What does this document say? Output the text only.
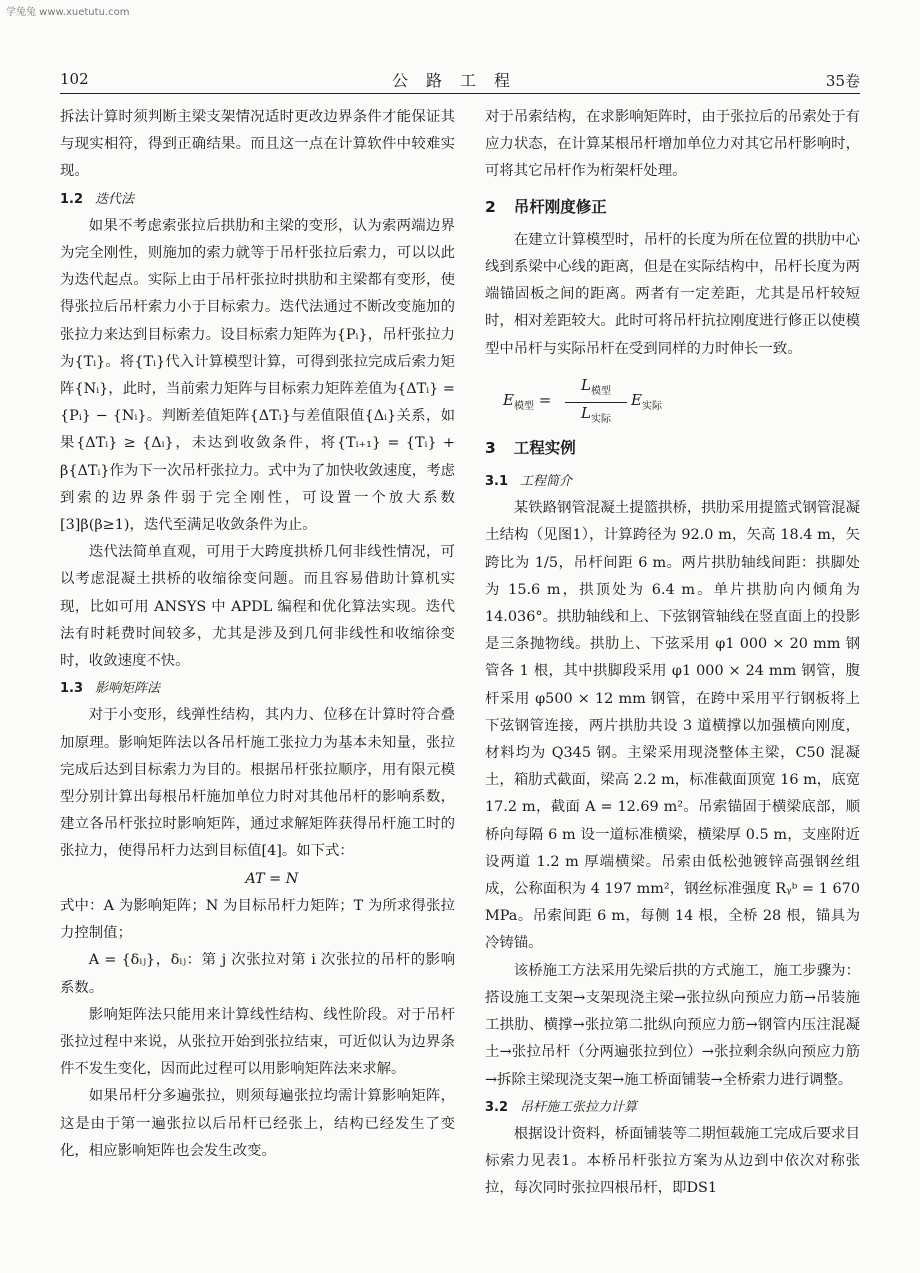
学兔兔 www.xuetutu.com
102	公路工程	35卷

拆法计算时须判断主梁支架情况适时更改边界条件才能保证其与现实相符，得到正确结果。而且这一点在计算软件中较难实现。

1.2 迭代法

如果不考虑索张拉后拱肋和主梁的变形，认为索两端边界为完全刚性，则施加的索力就等于吊杆张拉后索力，可以以此为迭代起点。实际上由于吊杆张拉时拱肋和主梁都有变形，使得张拉后吊杆索力小于目标索力。迭代法通过不断改变施加的张拉力来达到目标索力。设目标索力矩阵为{Pᵢ}，吊杆张拉力为{Tᵢ}。将{Tᵢ}代入计算模型计算，可得到张拉完成后索力矩阵{Nᵢ}，此时，当前索力矩阵与目标索力矩阵差值为{ΔTᵢ} = {Pᵢ} − {Nᵢ}。判断差值矩阵{ΔTᵢ}与差值限值{Δᵢ}关系，如果{ΔTᵢ} ≥ {Δᵢ}，未达到收敛条件，将{Tᵢ₊₁} = {Tᵢ} + β{ΔTᵢ}作为下一次吊杆张拉力。式中为了加快收敛速度，考虑到索的边界条件弱于完全刚性，可设置一个放大系数[3]β(β≥1)，迭代至满足收敛条件为止。

迭代法简单直观，可用于大跨度拱桥几何非线性情况，可以考虑混凝土拱桥的收缩徐变问题。而且容易借助计算机实现，比如可用 ANSYS 中 APDL 编程和优化算法实现。迭代法有时耗费时间较多，尤其是涉及到几何非线性和收缩徐变时，收敛速度不快。

1.3 影响矩阵法

对于小变形，线弹性结构，其内力、位移在计算时符合叠加原理。影响矩阵法以各吊杆施工张拉力为基本未知量，张拉完成后达到目标索力为目的。根据吊杆张拉顺序，用有限元模型分别计算出每根吊杆施加单位力时对其他吊杆的影响系数，建立各吊杆张拉时影响矩阵，通过求解矩阵获得吊杆施工时的张拉力，使得吊杆力达到目标值[4]。如下式：

AT = N

式中：A 为影响矩阵；N 为目标吊杆力矩阵；T 为所求得张拉力控制值；

A = {δᵢⱼ}，δᵢⱼ：第 j 次张拉对第 i 次张拉的吊杆的影响系数。

影响矩阵法只能用来计算线性结构、线性阶段。对于吊杆张拉过程中来说，从张拉开始到张拉结束，可近似认为边界条件不发生变化，因而此过程可以用影响矩阵法来求解。

如果吊杆分多遍张拉，则须每遍张拉均需计算影响矩阵，这是由于第一遍张拉以后吊杆已经张上，结构已经发生了变化，相应影响矩阵也会发生改变。

对于吊索结构，在求影响矩阵时，由于张拉后的吊索处于有应力状态，在计算某根吊杆增加单位力对其它吊杆影响时，可将其它吊杆作为桁架杆处理。

2 吊杆刚度修正

在建立计算模型时，吊杆的长度为所在位置的拱肋中心线到系梁中心线的距离，但是在实际结构中，吊杆长度为两端锚固板之间的距离。两者有一定差距，尤其是吊杆较短时，相对差距较大。此时可将吊杆抗拉刚度进行修正以使模型中吊杆与实际吊杆在受到同样的力时伸长一致。

$E_{模型}$ =
$L_{模型}$
$L_{实际}$
$E_{实际}$
3 工程实例
3.1 工程简介

某铁路钢管混凝土提篮拱桥，拱肋采用提篮式钢管混凝土结构（见图1），计算跨径为 92.0 m，矢高 18.4 m，矢跨比为 1/5，吊杆间距 6 m。两片拱肋轴线间距：拱脚处为 15.6 m，拱顶处为 6.4 m。单片拱肋向内倾角为 14.036°。拱肋轴线和上、下弦钢管轴线在竖直面上的投影是三条抛物线。拱肋上、下弦采用 φ1 000 × 20 mm 钢管各 1 根，其中拱脚段采用 φ1 000 × 24 mm 钢管，腹杆采用 φ500 × 12 mm 钢管，在跨中采用平行钢板将上下弦钢管连接，两片拱肋共设 3 道横撑以加强横向刚度，材料均为 Q345 钢。主梁采用现浇整体主梁，C50 混凝土，箱肋式截面，梁高 2.2 m，标准截面顶宽 16 m，底宽 17.2 m，截面 A = 12.69 m²。吊索锚固于横梁底部，顺桥向每隔 6 m 设一道标准横梁，横梁厚 0.5 m，支座附近设两道 1.2 m 厚端横梁。吊索由低松弛镀锌高强钢丝组成，公称面积为 4 197 mm²，钢丝标准强度 Rᵧᵇ = 1 670 MPa。吊索间距 6 m，每侧 14 根，全桥 28 根，锚具为冷铸锚。

该桥施工方法采用先梁后拱的方式施工，施工步骤为：搭设施工支架→支架现浇主梁→张拉纵向预应力筋→吊装施工拱肋、横撑→张拉第二批纵向预应力筋→钢管内压注混凝土→张拉吊杆（分两遍张拉到位）→张拉剩余纵向预应力筋→拆除主梁现浇支架→施工桥面铺装→全桥索力进行调整。

3.2 吊杆施工张拉力计算

根据设计资料，桥面铺装等二期恒载施工完成后要求目标索力见表1。本桥吊杆张拉方案为从边到中依次对称张拉，每次同时张拉四根吊杆，即DS1
